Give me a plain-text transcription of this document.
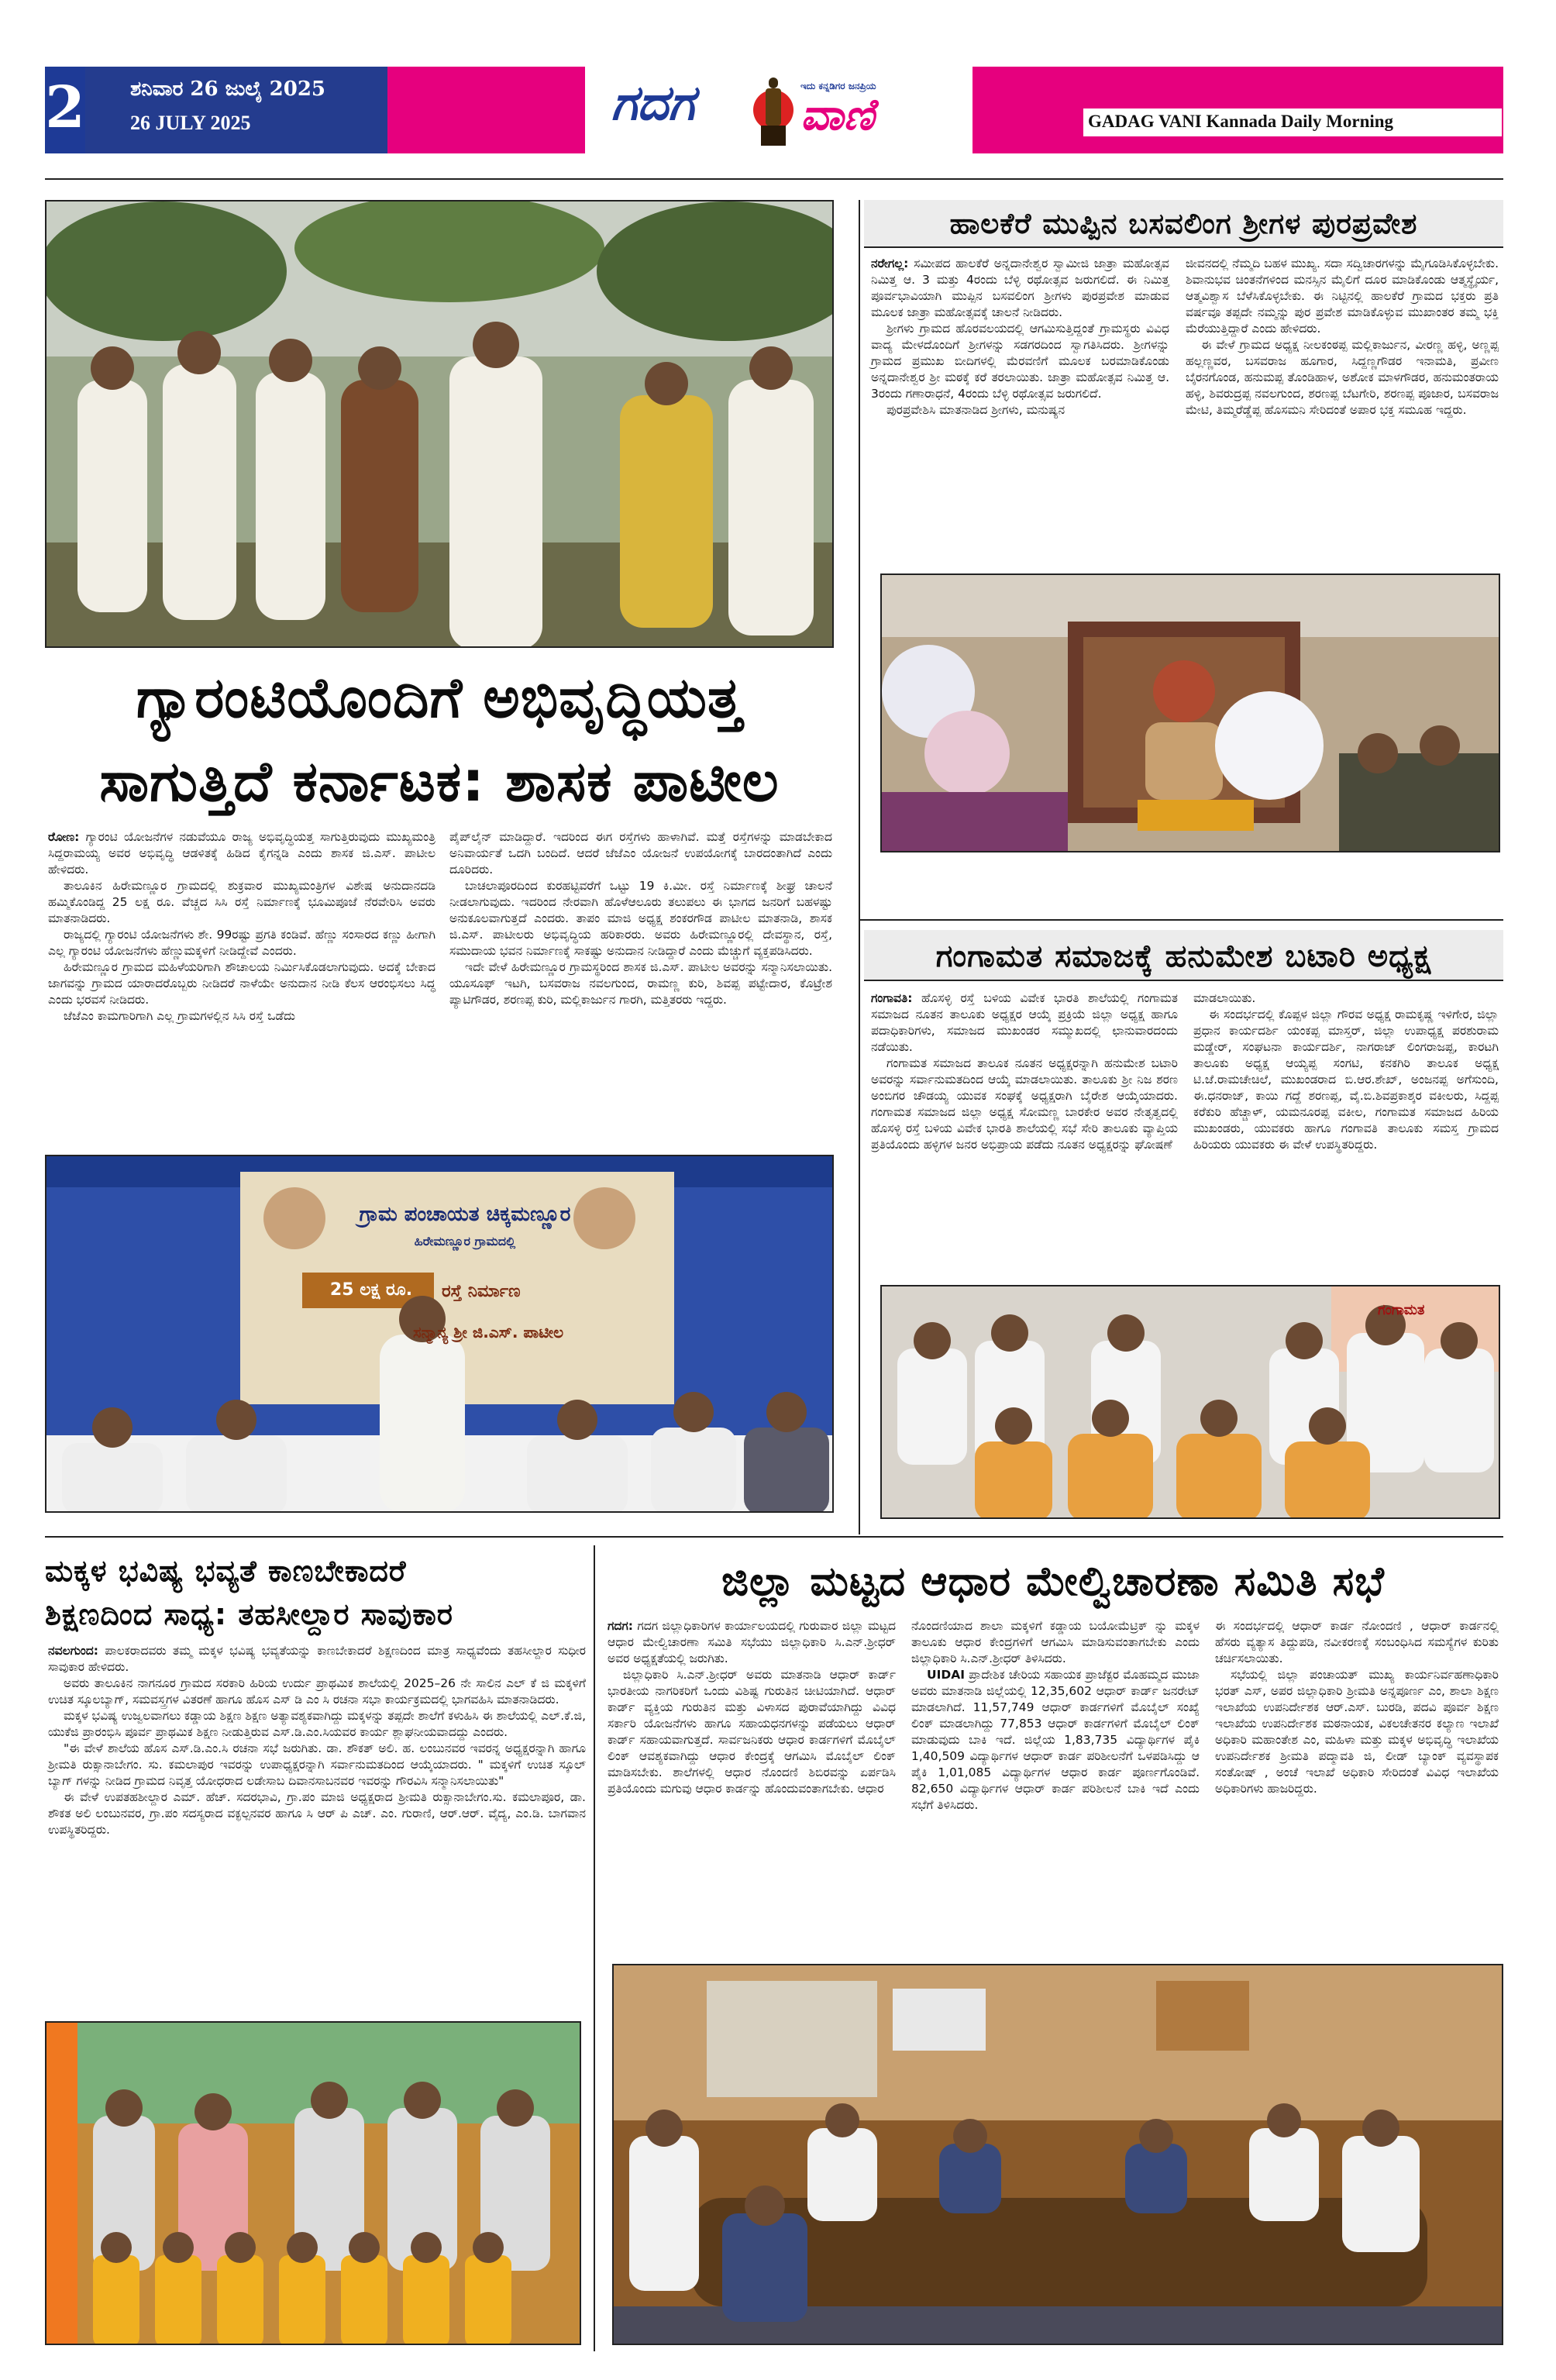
2 ಶನಿವಾರ 26 ಜುಲೈ 2025
26 JULY 2025	ಗದಗ	ಇದು ಕನ್ನಡಿಗರ ಜನಪ್ರಿಯ
ವಾಣಿ	GADAG VANI Kannada Daily Morning
ಹಾಲಕೆರೆ ಮುಪ್ಪಿನ ಬಸವಲಿಂಗ ಶ್ರೀಗಳ ಪುರಪ್ರವೇಶ

ನರೇಗಲ್ಲ: ಸಮೀಪದ ಹಾಲಕೆರೆ ಅನ್ನದಾನೇಶ್ವರ ಸ್ವಾಮೀಜಿ ಜಾತ್ರಾ ಮಹೋತ್ಸವ ನಿಮಿತ್ತ ಆ. 3 ಮತ್ತು 4ರಂದು ಬೆಳ್ಳಿ ರಥೋತ್ಸವ ಜರುಗಲಿದೆ. ಈ ನಿಮಿತ್ತ ಪೂರ್ವಭಾವಿಯಾಗಿ ಮುಪ್ಪಿನ ಬಸವಲಿಂಗ ಶ್ರೀಗಳು ಪುರಪ್ರವೇಶ ಮಾಡುವ ಮೂಲಕ ಜಾತ್ರಾ ಮಹೋತ್ಸವಕ್ಕೆ ಚಾಲನೆ ನೀಡಿದರು.

ಶ್ರೀಗಳು ಗ್ರಾಮದ ಹೊರವಲಯದಲ್ಲಿ ಆಗಮಿಸುತ್ತಿದ್ದಂತೆ ಗ್ರಾಮಸ್ಥರು ವಿವಿಧ ವಾದ್ಯ ಮೇಳದೊಂದಿಗೆ ಶ್ರೀಗಳನ್ನು ಸಡಗರದಿಂದ ಸ್ವಾಗತಿಸಿದರು. ಶ್ರೀಗಳನ್ನು ಗ್ರಾಮದ ಪ್ರಮುಖ ಬೀದಿಗಳಲ್ಲಿ ಮೆರವಣಿಗೆ ಮೂಲಕ ಬರಮಾಡಿಕೊಂಡು ಅನ್ನದಾನೇಶ್ವರ ಶ್ರೀ ಮಠಕ್ಕೆ ಕರೆ ತರಲಾಯಿತು. ಜಾತ್ರಾ ಮಹೋತ್ಸವ ನಿಮಿತ್ತ ಆ. 3ರಂದು ಗಣಾರಾಧನೆ, 4ರಂದು ಬೆಳ್ಳಿ ರಥೋತ್ಸವ ಜರುಗಲಿದೆ.

ಪುರಪ್ರವೇಶಿಸಿ ಮಾತನಾಡಿದ ಶ್ರೀಗಳು, ಮನುಷ್ಯನ

ಜೀವನದಲ್ಲಿ ನೆಮ್ಮದಿ ಬಹಳ ಮುಖ್ಯ. ಸದಾ ಸದ್ವಿಚಾರಗಳನ್ನು ಮೈಗೂಡಿಸಿಕೊಳ್ಳಬೇಕು. ಶಿವಾನುಭವ ಚಿಂತನೆಗಳಿಂದ ಮನಸ್ಸಿನ ಮೈಲಿಗೆ ದೂರ ಮಾಡಿಕೊಂಡು ಆತ್ಮಸ್ಥೈರ್ಯ, ಆತ್ಮವಿಶ್ವಾಸ ಬೆಳೆಸಿಕೊಳ್ಳಬೇಕು. ಈ ನಿಟ್ಟಿನಲ್ಲಿ ಹಾಲಕೆರೆ ಗ್ರಾಮದ ಭಕ್ತರು ಪ್ರತಿ ವರ್ಷವೂ ತಪ್ಪದೇ ನಮ್ಮನ್ನು ಪುರ ಪ್ರವೇಶ ಮಾಡಿಕೊಳ್ಳುವ ಮುಖಾಂತರ ತಮ್ಮ ಭಕ್ತಿ ಮೆರೆಯುತ್ತಿದ್ದಾರೆ ಎಂದು ಹೇಳಿದರು.

ಈ ವೇಳೆ ಗ್ರಾಮದ ಅಧ್ಯಕ್ಷ ನೀಲಕಂಠಪ್ಪ ಮಲ್ಲಿಕಾರ್ಜುನ, ವೀರಣ್ಣ ಹಳ್ಳಿ, ಅಣ್ಣಪ್ಪ ಹಲ್ಲಣ್ಣವರ, ಬಸವರಾಜ ಹೂಗಾರ, ಸಿದ್ದಣ್ಣಗೌಡರ ಇನಾಮತಿ, ಪ್ರವೀಣ ಬೈರನಗೊಂಡ, ಹನುಮಪ್ಪ ತೊಂಡಿಹಾಳ, ಅಶೋಕ ಮಾಳಗೌಡರ, ಹನುಮಂತರಾಯ ಹಳ್ಳಿ, ಶಿವರುದ್ರಪ್ಪ ನವಲಗುಂದ, ಶರಣಪ್ಪ ಬೆಟಗೇರಿ, ಶರಣಪ್ಪ ಪೂಜಾರ, ಬಸವರಾಜ ಮೇಟಿ, ತಿಮ್ಮರೆಡ್ಡೆಪ್ಪ ಹೊಸಮನಿ ಸೇರಿದಂತೆ ಅಪಾರ ಭಕ್ತ ಸಮೂಹ ಇದ್ದರು.

ಗ್ಯಾರಂಟಿಯೊಂದಿಗೆ ಅಭಿವೃದ್ಧಿಯತ್ತ
ಸಾಗುತ್ತಿದೆ ಕರ್ನಾಟಕ: ಶಾಸಕ ಪಾಟೀಲ

ರೋಣ: ಗ್ಯಾರಂಟಿ ಯೋಜನೆಗಳ ನಡುವೆಯೂ ರಾಜ್ಯ ಅಭಿವೃದ್ಧಿಯತ್ತ ಸಾಗುತ್ತಿರುವುದು ಮುಖ್ಯಮಂತ್ರಿ ಸಿದ್ದರಾಮಯ್ಯ ಅವರ ಅಭಿವೃದ್ಧಿ ಆಡಳಿತಕ್ಕೆ ಹಿಡಿದ ಕೈಗನ್ನಡಿ ಎಂದು ಶಾಸಕ ಜಿ.ಎಸ್. ಪಾಟೀಲ ಹೇಳಿದರು.

ತಾಲೂಕಿನ ಹಿರೇಮಣ್ಣೂರ ಗ್ರಾಮದಲ್ಲಿ ಶುಕ್ರವಾರ ಮುಖ್ಯಮಂತ್ರಿಗಳ ವಿಶೇಷ ಅನುದಾನದಡಿ ಹಮ್ಮಿಕೊಂಡಿದ್ದ 25 ಲಕ್ಷ ರೂ. ವೆಚ್ಚದ ಸಿಸಿ ರಸ್ತೆ ನಿರ್ಮಾಣಕ್ಕೆ ಭೂಮಿಪೂಜೆ ನೆರವೇರಿಸಿ ಅವರು ಮಾತನಾಡಿದರು.

ರಾಜ್ಯದಲ್ಲಿ ಗ್ಯಾರಂಟಿ ಯೋಜನೆಗಳು ಶೇ. 99ರಷ್ಟು ಪ್ರಗತಿ ಕಂಡಿವೆ. ಹೆಣ್ಣು ಸಂಸಾರದ ಕಣ್ಣು ಹೀಗಾಗಿ ಎಲ್ಲ ಗ್ಯಾರಂಟಿ ಯೋಜನೆಗಳು ಹೆಣ್ಣುಮಕ್ಕಳಿಗೆ ನೀಡಿದ್ದೇವೆ ಎಂದರು.

ಹಿರೇಮಣ್ಣೂರ ಗ್ರಾಮದ ಮಹಿಳೆಯರಿಗಾಗಿ ಶೌಚಾಲಯ ನಿರ್ಮಿಸಿಕೊಡಲಾಗುವುದು. ಅದಕ್ಕೆ ಬೇಕಾದ ಜಾಗವನ್ನು ಗ್ರಾಮದ ಯಾರಾದರೊಬ್ಬರು ನೀಡಿದರೆ ನಾಳೆಯೇ ಅನುದಾನ ನೀಡಿ ಕೆಲಸ ಆರಂಭಿಸಲು ಸಿದ್ಧ ಎಂದು ಭರವಸೆ ನೀಡಿದರು.

ಜೆಜೆಎಂ ಕಾಮಗಾರಿಗಾಗಿ ಎಲ್ಲ ಗ್ರಾಮಗಳಲ್ಲಿನ ಸಿಸಿ ರಸ್ತೆ ಒಡೆದು

ಪೈಪ್‌ಲೈನ್ ಮಾಡಿದ್ದಾರೆ. ಇದರಿಂದ ಈಗ ರಸ್ತೆಗಳು ಹಾಳಾಗಿವೆ. ಮತ್ತೆ ರಸ್ತೆಗಳನ್ನು ಮಾಡಬೇಕಾದ ಅನಿವಾರ್ಯತೆ ಒದಗಿ ಬಂದಿದೆ. ಆದರೆ ಜೆಜೆಎಂ ಯೋಜನೆ ಉಪಯೋಗಕ್ಕೆ ಬಾರದಂತಾಗಿದೆ ಎಂದು ದೂರಿದರು.

ಬಾಚಲಾಪೂರದಿಂದ ಕುರಹಟ್ಟಿವರೆಗೆ ಒಟ್ಟು 19 ಕಿ.ಮೀ. ರಸ್ತೆ ನಿರ್ಮಾಣಕ್ಕೆ ಶೀಘ್ರ ಚಾಲನೆ ನೀಡಲಾಗುವುದು. ಇದರಿಂದ ನೇರವಾಗಿ ಹೊಳೆಆಲೂರು ತಲುಪಲು ಈ ಭಾಗದ ಜನರಿಗೆ ಬಹಳಷ್ಟು ಅನುಕೂಲವಾಗುತ್ತದೆ ಎಂದರು. ತಾಪಂ ಮಾಜಿ ಅಧ್ಯಕ್ಷ ಶಂಕರಗೌಡ ಪಾಟೀಲ ಮಾತನಾಡಿ, ಶಾಸಕ ಜಿ.ಎಸ್. ಪಾಟೀಲರು ಅಭಿವೃದ್ಧಿಯ ಹರಿಕಾರರು. ಅವರು ಹಿರೇಮಣ್ಣೂರಲ್ಲಿ ದೇವಸ್ಥಾನ, ರಸ್ತೆ, ಸಮುದಾಯ ಭವನ ನಿರ್ಮಾಣಕ್ಕೆ ಸಾಕಷ್ಟು ಅನುದಾನ ನೀಡಿದ್ದಾರೆ ಎಂದು ಮೆಚ್ಚುಗೆ ವ್ಯಕ್ತಪಡಿಸಿದರು.

ಇದೇ ವೇಳೆ ಹಿರೇಮಣ್ಣೂರ ಗ್ರಾಮಸ್ಥರಿಂದ ಶಾಸಕ ಜಿ.ಎಸ್. ಪಾಟೀಲ ಅವರನ್ನು ಸನ್ಮಾನಿಸಲಾಯಿತು. ಯೂಸೂಫ್ ಇಟಗಿ, ಬಸವರಾಜ ನವಲಗುಂದ, ರಾಮಣ್ಣ ಕುರಿ, ಶಿವಪ್ಪ ಪಟ್ಟೇದಾರ, ಕೊಟ್ರೇಶ ಪ್ಯಾಟಿಗೌಡರ, ಶರಣಪ್ಪ ಕುರಿ, ಮಲ್ಲಿಕಾರ್ಜುನ ಗಾರಗಿ, ಮತ್ತಿತರರು ಇದ್ದರು.

ಗ್ರಾಮ ಪಂಚಾಯತ ಚಿಕ್ಕಮಣ್ಣೂರ
ಹಿರೇಮಣ್ಣೂರ ಗ್ರಾಮದಲ್ಲಿ
25 ಲಕ್ಷ ರೂ.	ರಸ್ತೆ ನಿರ್ಮಾಣ
ಸನ್ಮಾನ್ಯ ಶ್ರೀ ಜಿ.ಎಸ್. ಪಾಟೀಲ
ಗಂಗಾಮತ ಸಮಾಜಕ್ಕೆ ಹನುಮೇಶ ಬಟಾರಿ ಅಧ್ಯಕ್ಷ

ಗಂಗಾವತಿ: ಹೊಸಳ್ಳಿ ರಸ್ತೆ ಬಳಿಯ ವಿವೇಕ ಭಾರತಿ ಶಾಲೆಯಲ್ಲಿ ಗಂಗಾಮತ ಸಮಾಜದ ನೂತನ ತಾಲೂಕು ಅಧ್ಯಕ್ಷರ ಆಯ್ಕೆ ಪ್ರಕ್ರಿಯೆ ಜಿಲ್ಲಾ ಅಧ್ಯಕ್ಷ ಹಾಗೂ ಪದಾಧಿಕಾರಿಗಳು, ಸಮಾಜದ ಮುಖಂಡರ ಸಮ್ಮುಖದಲ್ಲಿ ಛಾನುವಾರದಂದು ನಡೆಯಿತು.

ಗಂಗಾಮತ ಸಮಾಜದ ತಾಲೂಕ ನೂತನ ಅಧ್ಯಕ್ಷರನ್ನಾಗಿ ಹನುಮೇಶ ಬಟಾರಿ ಅವರನ್ನು ಸರ್ವಾನುಮತದಿಂದ ಆಯ್ಕೆ ಮಾಡಲಾಯಿತು. ತಾಲೂಕು ಶ್ರೀ ನಿಜ ಶರಣ ಅಂಬಿಗರ ಚೌಡಯ್ಯ ಯುವಕ ಸಂಘಕ್ಕೆ ಅಧ್ಯಕ್ಷರಾಗಿ ಬೈರೇಶ ಆಯ್ಕೆಯಾದರು. ಗಂಗಾಮತ ಸಮಾಜದ ಜಿಲ್ಲಾ ಅಧ್ಯಕ್ಷ ಸೋಮಣ್ಣ ಬಾರಕೇರ ಅವರ ನೇತೃತ್ವದಲ್ಲಿ ಹೊಸಳ್ಳಿ ರಸ್ತೆ ಬಳಿಯ ವಿವೇಕ ಭಾರತಿ ಶಾಲೆಯಲ್ಲಿ ಸಭೆ ಸೇರಿ ತಾಲೂಕು ವ್ಯಾಪ್ತಿಯ ಪ್ರತಿಯೊಂದು ಹಳ್ಳಿಗಳ ಜನರ ಅಭಿಪ್ರಾಯ ಪಡೆದು ನೂತನ ಅಧ್ಯಕ್ಷರನ್ನು ಘೋಷಣೆ

ಮಾಡಲಾಯಿತು.

ಈ ಸಂದರ್ಭದಲ್ಲಿ ಕೊಪ್ಪಳ ಜಿಲ್ಲಾ ಗೌರವ ಅಧ್ಯಕ್ಷ ರಾಮಕೃಷ್ಣ ಇಳಿಗೇರ, ಜಿಲ್ಲಾ ಪ್ರಧಾನ ಕಾರ್ಯದರ್ಶಿ ಯಂಕಪ್ಪ ಮಾಸ್ತರ್, ಜಿಲ್ಲಾ ಉಪಾಧ್ಯಕ್ಷ ಪರಶುರಾಮ ಮಡ್ಡೇರ್, ಸಂಘಟನಾ ಕಾರ್ಯದರ್ಶಿ, ನಾಗರಾಜ್ ಲಿಂಗರಾಜಪ್ಪ, ಕಾರಟಗಿ ತಾಲೂಕು ಅಧ್ಯಕ್ಷ ಆಯ್ಯಪ್ಪ ಸಂಗಟಿ, ಕನಕಗಿರಿ ತಾಲೂಕ ಅಧ್ಯಕ್ಷ ಟಿ.ಜೆ.ರಾಮಚೇಚಿಲೆ, ಮುಖಂಡರಾದ ಬಿ.ಆರ.ಶೇಖ್, ಅಂಜನಪ್ಪ ಅಗೆಸುಂದಿ, ಈ.ಧನರಾಜ್, ಕಾಯಿ ಗದ್ದೆ ಶರಣಪ್ಪ, ವೈ.ಬಿ.ಶಿವಪ್ರಕಾಶ್ಕರ ವಕೀಲರು, ಸಿದ್ದಪ್ಪ ಕರೆಕುರಿ ಹೆಚ್ಚಾಳ್, ಯಮನೂರಪ್ಪ ವಕೀಲ, ಗಂಗಾಮತ ಸಮಾಜದ ಹಿರಿಯ ಮುಖಂಡರು, ಯುವಕರು ಹಾಗೂ ಗಂಗಾವತಿ ತಾಲೂಕು ಸಮಸ್ತ ಗ್ರಾಮದ ಹಿರಿಯರು ಯುವಕರು ಈ ವೇಳೆ ಉಪಸ್ಥಿತರಿದ್ದರು.

ಗಂಗಾಮತ
ಮಕ್ಕಳ ಭವಿಷ್ಯ ಭವ್ಯತೆ ಕಾಣಬೇಕಾದರೆ
ಶಿಕ್ಷಣದಿಂದ ಸಾಧ್ಯ: ತಹಸೀಲ್ದಾರ ಸಾವುಕಾರ

ನವಲಗುಂದ: ಪಾಲಕರಾದವರು ತಮ್ಮ ಮಕ್ಕಳ ಭವಿಷ್ಯ ಭವ್ಯತೆಯನ್ನು ಕಾಣಬೇಕಾದರೆ ಶಿಕ್ಷಣದಿಂದ ಮಾತ್ರ ಸಾಧ್ಯವೆಂದು ತಹಸೀಲ್ದಾರ ಸುಧೀರ ಸಾವುಕಾರ ಹೇಳಿದರು.

ಅವರು ತಾಲೂಕಿನ ನಾಗನೂರ ಗ್ರಾಮದ ಸರಕಾರಿ ಹಿರಿಯ ಉರ್ದು ಪ್ರಾಥಮಿಕ ಶಾಲೆಯಲ್ಲಿ 2025–26 ನೇ ಸಾಲಿನ ಎಲ್ ಕೆ ಜಿ ಮಕ್ಕಳಿಗೆ ಉಚಿತ ಸ್ಕೂಲಬ್ಯಾಗ್, ಸಮವಸ್ತ್ರಗಳ ವಿತರಣೆ ಹಾಗೂ ಹೊಸ ಎಸ್ ಡಿ ಎಂ ಸಿ ರಚನಾ ಸಭಾ ಕಾರ್ಯಕ್ರಮದಲ್ಲಿ ಭಾಗವಹಿಸಿ ಮಾತನಾಡಿದರು.

ಮಕ್ಕಳ ಭವಿಷ್ಯ ಉಜ್ವಲವಾಗಲು ಕಡ್ಡಾಯ ಶಿಕ್ಷಣ ಶಿಕ್ಷಣ ಅತ್ಯಾವಶ್ಯಕವಾಗಿದ್ದು ಮಕ್ಕಳನ್ನು ತಪ್ಪದೇ ಶಾಲೆಗೆ ಕಳುಹಿಸಿ ಈ ಶಾಲೆಯಲ್ಲಿ ಎಲ್.ಕೆ.ಜಿ, ಯುಕೆಜಿ ಪ್ರಾರಂಭಿಸಿ ಪೂರ್ವ ಪ್ರಾಥಮಿಕ ಶಿಕ್ಷಣ ನೀಡುತ್ತಿರುವ ಎಸ್.ಡಿ.ಎಂ.ಸಿಯವರ ಕಾರ್ಯ ಶ್ಲಾಘನೀಯವಾದದ್ದು ಎಂದರು.

"ಈ ವೇಳೆ ಶಾಲೆಯ ಹೊಸ ಎಸ್.ಡಿ.ಎಂ.ಸಿ ರಚನಾ ಸಭೆ ಜರುಗಿತು. ಡಾ. ಶೌಕತ್ ಅಲಿ. ಹ. ಲಂಬುನವರ ಇವರನ್ನ ಅಧ್ಯಕ್ಷರನ್ನಾಗಿ ಹಾಗೂ ಶ್ರೀಮತಿ ರುಕ್ಸಾನಾಬೇಗಂ. ಸು. ಕಮಲಾಪುರ ಇವರನ್ನು ಉಪಾಧ್ಯಕ್ಷರನ್ನಾಗಿ ಸರ್ವಾನುಮತದಿಂದ ಆಯ್ಕೆಯಾದರು. " ಮಕ್ಕಳಿಗೆ ಉಚಿತ ಸ್ಕೂಲ್ ಬ್ಯಾಗ್ ಗಳನ್ನು ನೀಡಿದ ಗ್ರಾಮದ ನಿವೃತ್ತ ಯೋಧರಾದ ಲಡೇಸಾಬ ದಿವಾನಸಾಬನವರ ಇವರನ್ನು ಗೌರವಿಸಿ ಸನ್ಮಾನಿಸಲಾಯಿತು"

ಈ ವೇಳೆ ಉಪತಹಶೀಲ್ದಾರ ಎಮ್. ಹೆಚ್. ಸದರಭಾವಿ, ಗ್ರಾ.ಪಂ ಮಾಜಿ ಅಧ್ಯಕ್ಷರಾದ ಶ್ರೀಮತಿ ರುಕ್ಸಾನಾಬೇಗಂ.ಸು. ಕಮಲಾಪೂರ, ಡಾ. ಶೌಕತ ಅಲಿ ಲಂಬುನವರ, ಗ್ರಾ.ಪಂ ಸದಸ್ಯರಾದ ವಕ್ಫಲ್ಪನವರ ಹಾಗೂ ಸಿ ಆರ್ ಪಿ ಎಚ್. ಎಂ. ಗುರಾಣಿ, ಆರ್.ಆರ್. ವೈದ್ಯ, ಎಂ.ಡಿ. ಬಾಗವಾನ ಉಪಸ್ಥಿತರಿದ್ದರು.

ಜಿಲ್ಲಾ ಮಟ್ಟದ ಆಧಾರ ಮೇಲ್ವಿಚಾರಣಾ ಸಮಿತಿ ಸಭೆ

ಗದಗ: ಗದಗ ಜಿಲ್ಲಾಧಿಕಾರಿಗಳ ಕಾರ್ಯಾಲಯದಲ್ಲಿ ಗುರುವಾರ ಜಿಲ್ಲಾ ಮಟ್ಟದ ಆಧಾರ ಮೇಲ್ವಿಚಾರಣಾ ಸಮಿತಿ ಸಭೆಯು ಜಿಲ್ಲಾಧಿಕಾರಿ ಸಿ.ಎನ್.ಶ್ರೀಧರ್ ಅವರ ಅಧ್ಯಕ್ಷತೆಯಲ್ಲಿ ಜರುಗಿತು.

ಜಿಲ್ಲಾಧಿಕಾರಿ ಸಿ.ಎನ್.ಶ್ರೀಧರ್ ಅವರು ಮಾತನಾಡಿ ಆಧಾರ್ ಕಾರ್ಡ್ ಭಾರತೀಯ ನಾಗರಿಕರಿಗೆ ಒಂದು ವಿಶಿಷ್ಟ ಗುರುತಿನ ಚೀಟಿಯಾಗಿದೆ. ಆಧಾರ್ ಕಾರ್ಡ್ ವ್ಯಕ್ತಿಯ ಗುರುತಿನ ಮತ್ತು ವಿಳಾಸದ ಪುರಾವೆಯಾಗಿದ್ದು ವಿವಿಧ ಸರ್ಕಾರಿ ಯೋಜನೆಗಳು ಹಾಗೂ ಸಹಾಯಧನಗಳನ್ನು ಪಡೆಯಲು ಆಧಾರ್ ಕಾರ್ಡ್ ಸಹಾಯವಾಗುತ್ತದೆ. ಸಾರ್ವಜನಿಕರು ಆಧಾರ ಕಾರ್ಡಗಳಿಗೆ ಮೊಬೈಲ್ ಲಿಂಕ್ ಆವಶ್ಯಕವಾಗಿದ್ದು ಆಧಾರ ಕೇಂದ್ರಕ್ಕೆ ಆಗಮಿಸಿ ಮೊಬೈಲ್ ಲಿಂಕ್ ಮಾಡಿಸಬೇಕು. ಶಾಲೆಗಳಲ್ಲಿ ಆಧಾರ ನೊಂದಣಿ ಶಿಬಿರವನ್ನು ಏರ್ಪಡಿಸಿ ಪ್ರತಿಯೊಂದು ಮಗುವು ಆಧಾರ ಕಾರ್ಡನ್ನು ಹೊಂದುವಂತಾಗಬೇಕು. ಆಧಾರ

ನೊಂದಣಿಯಾದ ಶಾಲಾ ಮಕ್ಕಳಿಗೆ ಕಡ್ಡಾಯ ಬಯೋಮೆಟ್ರಿಕ್ ನ್ನು ಮಕ್ಕಳ ತಾಲೂಕು ಆಧಾರ ಕೇಂದ್ರಗಳಿಗೆ ಆಗಮಿಸಿ ಮಾಡಿಸುವಂತಾಗಬೇಕು ಎಂದು ಜಿಲ್ಲಾಧಿಕಾರಿ ಸಿ.ಎನ್.ಶ್ರೀಧರ್ ತಿಳಿಸಿದರು.

UIDAI ಪ್ರಾದೇಶಿಕ ಚೇರಿಯ ಸಹಾಯಕ ಪ್ರಾಜೆಕ್ಟರ ಮೊಹಮ್ಮದ ಮುಜಾ ಅವರು ಮಾತನಾಡಿ ಜಿಲ್ಲೆಯಲ್ಲಿ 12,35,602 ಆಧಾರ್ ಕಾರ್ಡ್ ಜನರೇಟ್ ಮಾಡಲಾಗಿದೆ. 11,57,749 ಆಧಾರ್ ಕಾರ್ಡಗಳಿಗೆ ಮೊಬೈಲ್ ಸಂಖ್ಯೆ ಲಿಂಕ್ ಮಾಡಲಾಗಿದ್ದು 77,853 ಆಧಾರ್ ಕಾರ್ಡಗಳಿಗೆ ಮೊಬೈಲ್ ಲಿಂಕ್ ಮಾಡುವುದು ಬಾಕಿ ಇದೆ. ಜಿಲ್ಲೆಯ 1,83,735 ವಿದ್ಯಾರ್ಥಿಗಳ ಪೈಕಿ 1,40,509 ವಿದ್ಯಾರ್ಥಿಗಳ ಆಧಾರ್ ಕಾರ್ಡ ಪರಿಶೀಲನೆಗೆ ಒಳಪಡಿಸಿದ್ದು ಆ ಪೈಕಿ 1,01,085 ವಿದ್ಯಾರ್ಥಿಗಳ ಆಧಾರ ಕಾರ್ಡ ಪೂರ್ಣಗೊಂಡಿವೆ. 82,650 ವಿದ್ಯಾರ್ಥಿಗಳ ಆಧಾರ್ ಕಾರ್ಡ ಪರಿಶೀಲನೆ ಬಾಕಿ ಇದೆ ಎಂದು ಸಭೆಗೆ ತಿಳಿಸಿದರು.

ಈ ಸಂದರ್ಭದಲ್ಲಿ ಆಧಾರ್ ಕಾರ್ಡ ನೋಂದಣಿ , ಆಧಾರ್ ಕಾರ್ಡನಲ್ಲಿ ಹೆಸರು ವ್ಯತ್ಯಾಸ ತಿದ್ದುಪಡಿ, ನವೀಕರಣಕ್ಕೆ ಸಂಬಂಧಿಸಿದ ಸಮಸ್ಯೆಗಳ ಕುರಿತು ಚರ್ಚಿಸಲಾಯಿತು.

ಸಭೆಯಲ್ಲಿ ಜಿಲ್ಲಾ ಪಂಚಾಯತ್ ಮುಖ್ಯ ಕಾರ್ಯನಿರ್ವಹಣಾಧಿಕಾರಿ ಭರತ್ ಎಸ್, ಅಪರ ಜಿಲ್ಲಾಧಿಕಾರಿ ಶ್ರೀಮತಿ ಅನ್ನಪೂರ್ಣ ಎಂ, ಶಾಲಾ ಶಿಕ್ಷಣ ಇಲಾಖೆಯ ಉಪನಿರ್ದೇಶಕ ಆರ್.ಎಸ್. ಬುರಡಿ, ಪದವಿ ಪೂರ್ವ ಶಿಕ್ಷಣ ಇಲಾಖೆಯ ಉಪನಿರ್ದೇಶಕ ಮಠನಾಯಕ, ವಿಕಲಚೇತನರ ಕಲ್ಯಾಣ ಇಲಾಖೆ ಅಧಿಕಾರಿ ಮಹಾಂತೇಶ ಎಂ, ಮಹಿಳಾ ಮತ್ತು ಮಕ್ಕಳ ಅಭಿವೃದ್ಧಿ ಇಲಾಖೆಯ ಉಪನಿರ್ದೇಶಕ ಶ್ರೀಮತಿ ಪದ್ಮಾವತಿ ಜಿ, ಲೀಡ್ ಬ್ಯಾಂಕ್ ವ್ಯವಸ್ಥಾಪಕ ಸಂತೋಷ್ , ಅಂಚೆ ಇಲಾಖೆ ಅಧಿಕಾರಿ ಸೇರಿದಂತೆ ವಿವಿಧ ಇಲಾಖೆಯ ಅಧಿಕಾರಿಗಳು ಹಾಜರಿದ್ದರು.
